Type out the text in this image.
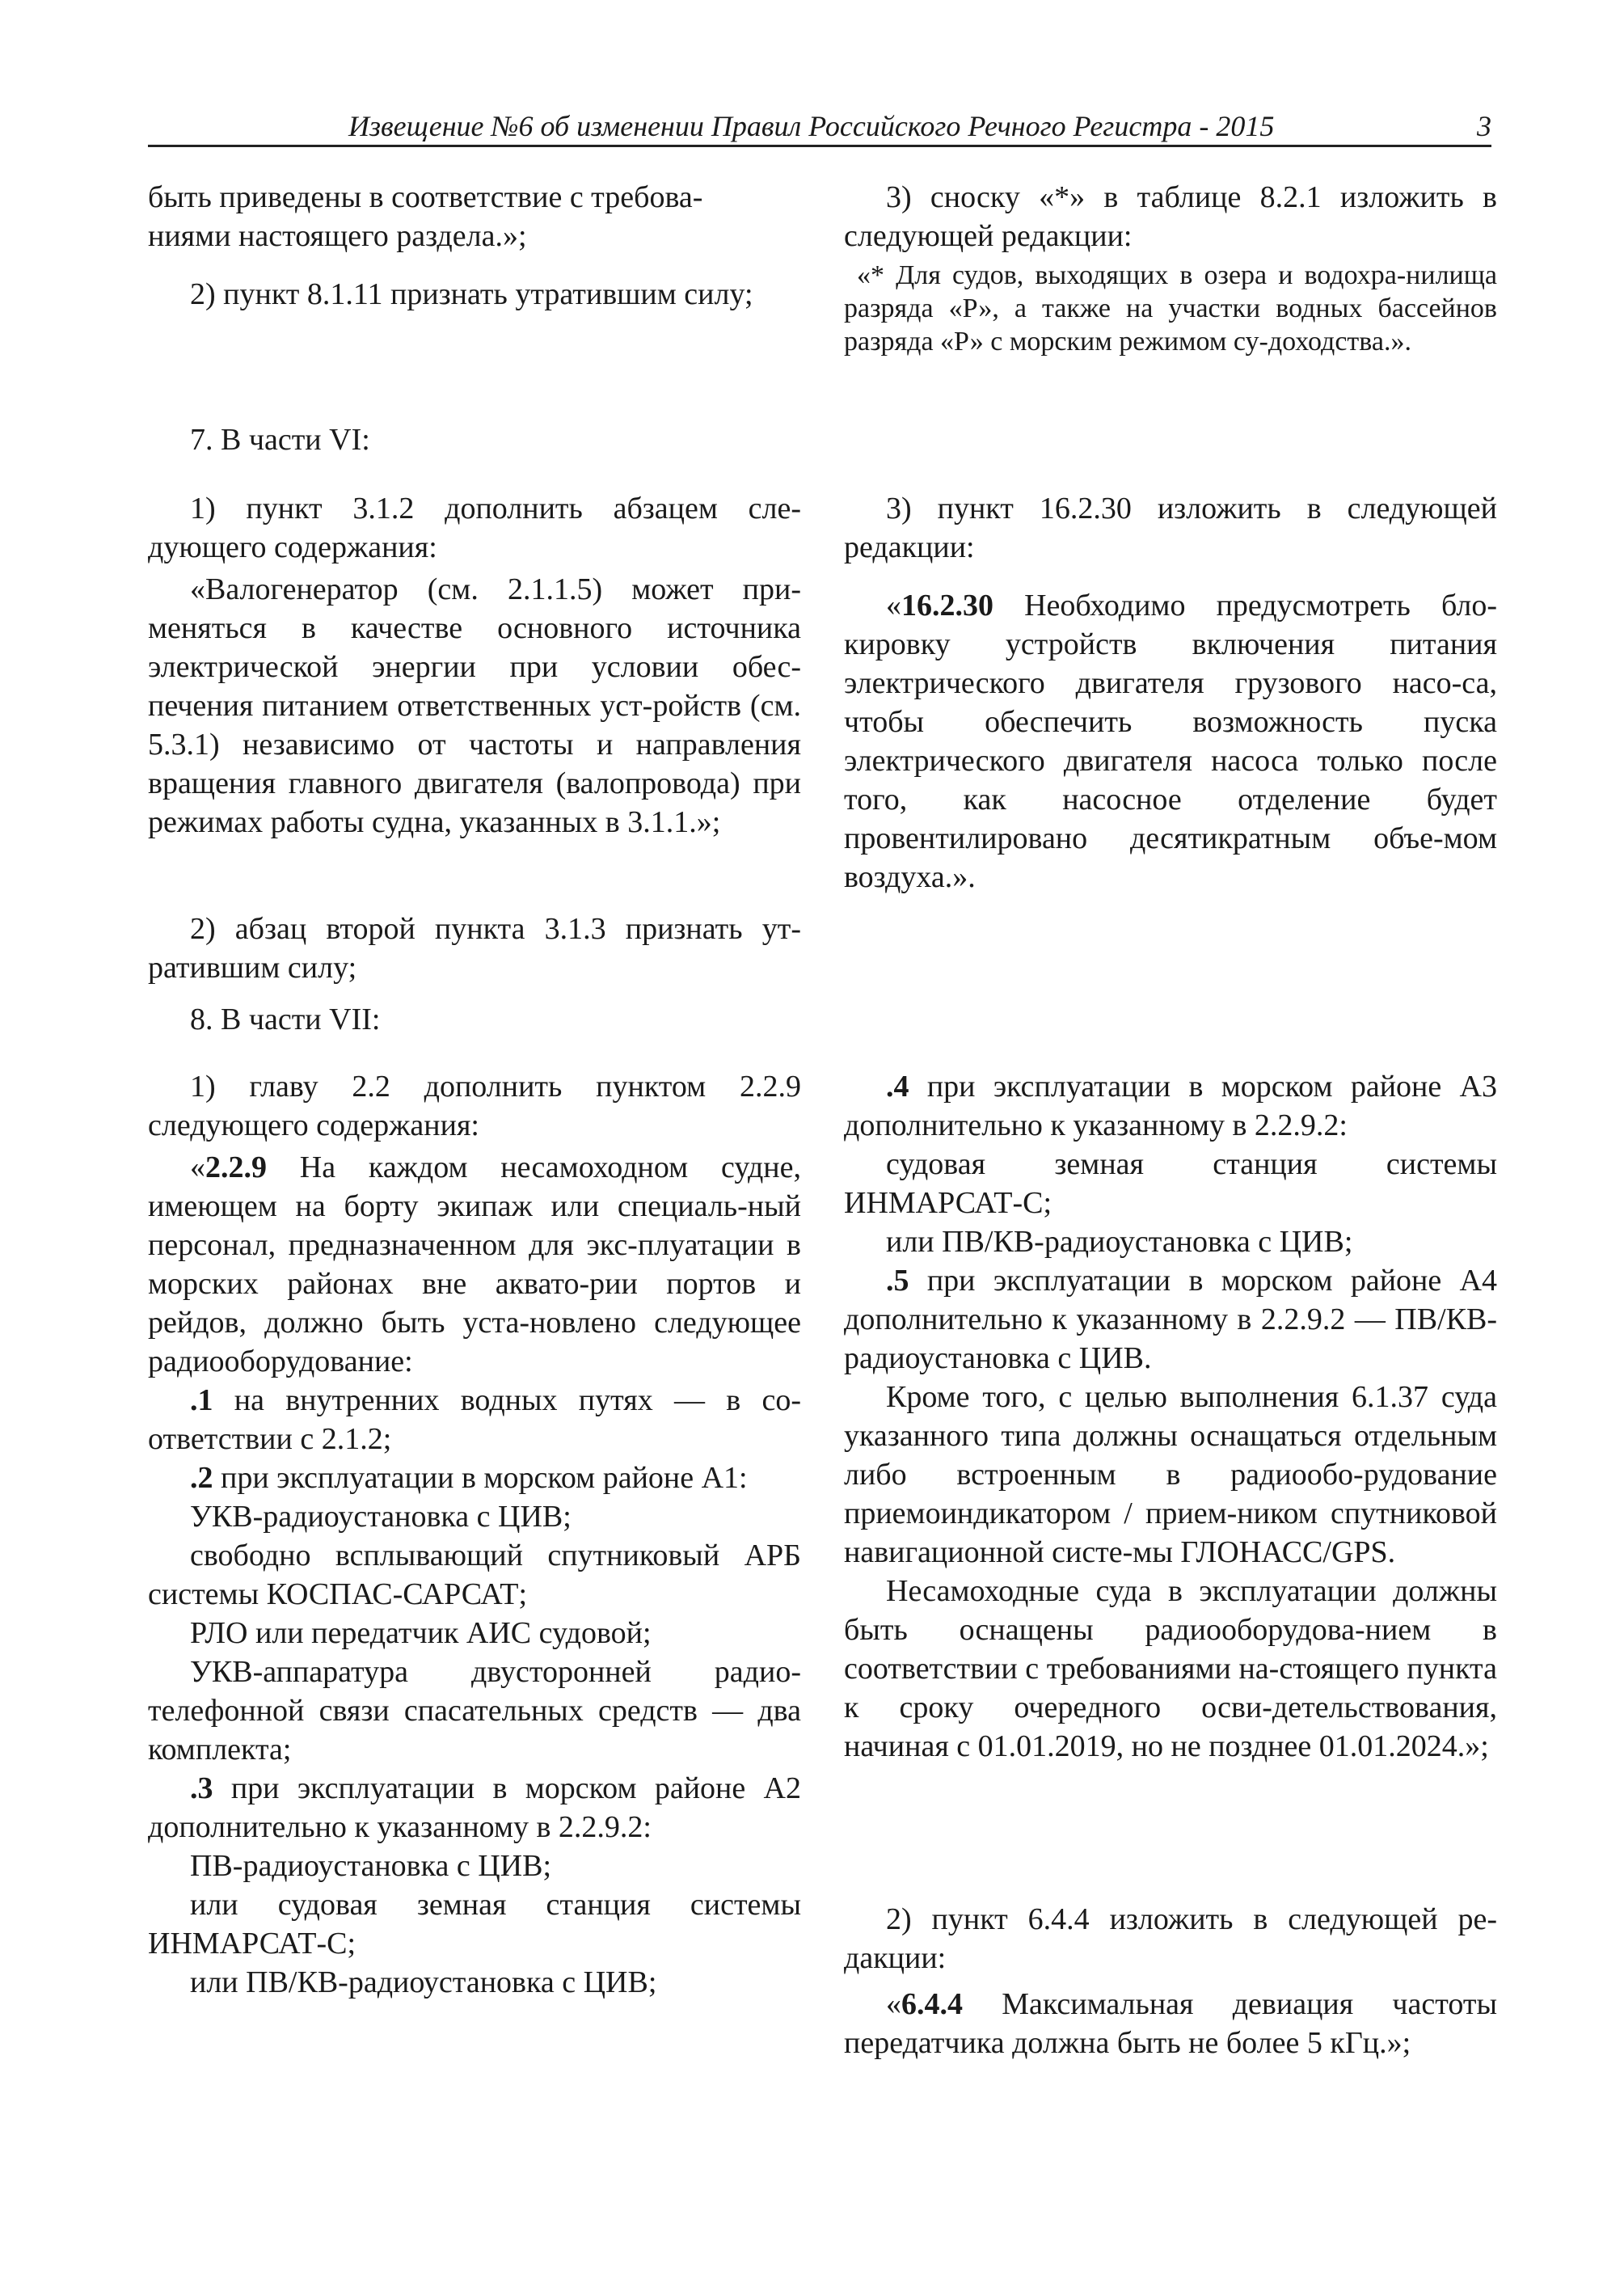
Извещение №6 об изменении Правил Российского Речного Регистра - 2015	3

быть приведены в соответствие с требова-

ниями настоящего раздела.»;

2) пункт 8.1.11 признать утратившим силу;

7. В части VI:

1) пункт 3.1.2 дополнить абзацем сле-дующего содержания:

«Валогенератор (см. 2.1.1.5) может при-меняться в качестве основного источника электрической энергии при условии обес-печения питанием ответственных уст-ройств (см. 5.3.1) независимо от частоты и направления вращения главного двигателя (валопровода) при режимах работы судна, указанных в 3.1.1.»;

2) абзац второй пункта 3.1.3 признать ут-ратившим силу;

8. В части VII:

1) главу 2.2 дополнить пунктом 2.2.9 следующего содержания:

«2.2.9 На каждом несамоходном судне, имеющем на борту экипаж или специаль-ный персонал, предназначенном для экс-плуатации в морских районах вне аквато-рии портов и рейдов, должно быть уста-новлено следующее радиооборудование:

.1 на внутренних водных путях — в со-ответствии с 2.1.2;

.2 при эксплуатации в морском районе A1:

УКВ-радиоустановка с ЦИВ;

свободно всплывающий спутниковый АРБ системы КОСПАС-САРСАТ;

РЛО или передатчик АИС судовой;

УКВ-аппаратура двусторонней радио-телефонной связи спасательных средств — два комплекта;

.3 при эксплуатации в морском районе A2 дополнительно к указанному в 2.2.9.2:

ПВ-радиоустановка с ЦИВ;

или судовая земная станция системы ИНМАРСАТ-С;

или ПВ/КВ-радиоустановка с ЦИВ;

3) сноску «*» в таблице 8.2.1 изложить в следующей редакции:

«* Для судов, выходящих в озера и водохра-нилища разряда «Р», а также на участки водных бассейнов разряда «Р» с морским режимом су-доходства.».

3) пункт 16.2.30 изложить в следующей редакции:

«16.2.30 Необходимо предусмотреть бло-кировку устройств включения питания электрического двигателя грузового насо-са, чтобы обеспечить возможность пуска электрического двигателя насоса только после того, как насосное отделение будет провентилировано десятикратным объе-мом воздуха.».

.4 при эксплуатации в морском районе A3 дополнительно к указанному в 2.2.9.2:

судовая земная станция системы ИНМАРСАТ-С;

или ПВ/КВ-радиоустановка с ЦИВ;

.5 при эксплуатации в морском районе A4 дополнительно к указанному в 2.2.9.2 — ПВ/КВ-радиоустановка с ЦИВ.

Кроме того, с целью выполнения 6.1.37 суда указанного типа должны оснащаться отдельным либо встроенным в радиообо-рудование приемоиндикатором / прием-ником спутниковой навигационной систе-мы ГЛОНАСС/GPS.

Несамоходные суда в эксплуатации должны быть оснащены радиооборудова-нием в соответствии с требованиями на-стоящего пункта к сроку очередного осви-детельствования, начиная с 01.01.2019, но не позднее 01.01.2024.»;

2) пункт 6.4.4 изложить в следующей ре-дакции:

«6.4.4 Максимальная девиация частоты передатчика должна быть не более 5 кГц.»;
